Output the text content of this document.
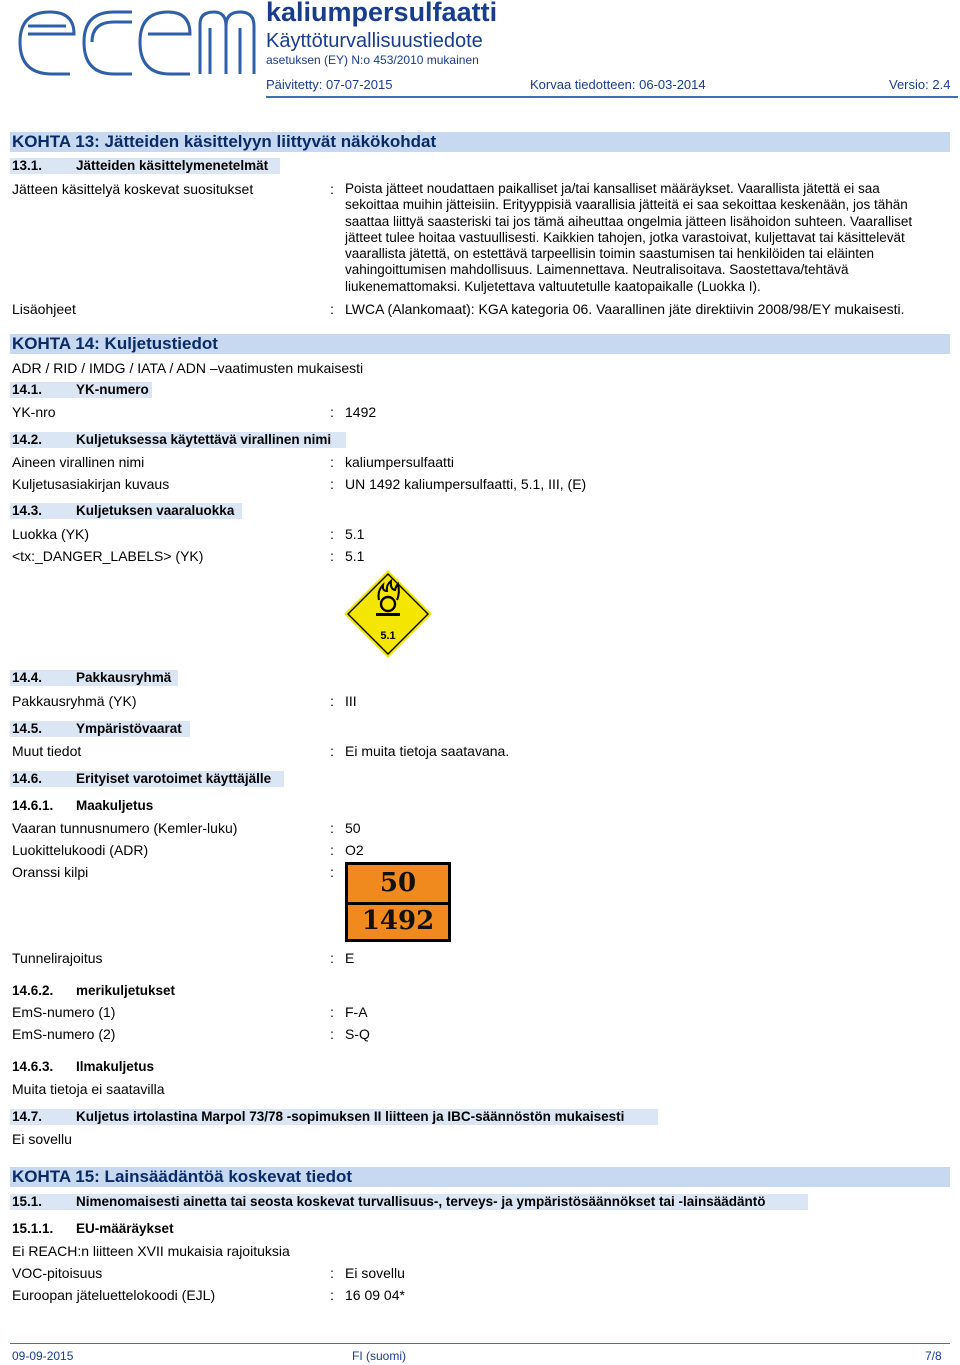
kaliumpersulfaatti
Käyttöturvallisuustiedote
asetuksen (EY) N:o 453/2010 mukainen
Päivitetty: 07-07-2015	Korvaa tiedotteen: 06-03-2014	Versio: 2.4
KOHTA 13: Jätteiden käsittelyyn liittyvät näkökohdat
13.1.	Jätteiden käsittelymenetelmät
Jätteen käsittelyä koskevat suositukset	: Poista jätteet noudattaen paikalliset ja/tai kansalliset määräykset. Vaarallista jätettä ei saa sekoittaa muihin jätteisiin. Erityyppisiä vaarallisia jätteitä ei saa sekoittaa keskenään, jos tähän saattaa liittyä saasteriski tai jos tämä aiheuttaa ongelmia jätteen lisähoidon suhteen. Vaaralliset jätteet tulee hoitaa vastuullisesti. Kaikkien tahojen, jotka varastoivat, kuljettavat tai käsittelevät vaarallista jätettä, on estettävä tarpeellisin toimin saastumisen tai henkilöiden tai eläinten vahingoittumisen mahdollisuus. Laimennettava. Neutralisoitava. Saostettava/tehtävä liukenemattomaksi. Kuljetettava valtuutetulle kaatopaikalle (Luokka I).
Lisäohjeet	: LWCA (Alankomaat): KGA kategoria 06. Vaarallinen jäte direktiivin 2008/98/EY mukaisesti.
KOHTA 14: Kuljetustiedot
ADR / RID / IMDG / IATA / ADN –vaatimusten mukaisesti
14.1.	YK-numero
YK-nro	: 1492
14.2.	Kuljetuksessa käytettävä virallinen nimi
Aineen virallinen nimi	: kaliumpersulfaatti
Kuljetusasiakirjan kuvaus	: UN 1492 kaliumpersulfaatti, 5.1, III, (E)
14.3.	Kuljetuksen vaaraluokka
Luokka (YK)	: 5.1
<tx:_DANGER_LABELS> (YK)	: 5.1
5.1
14.4.	Pakkausryhmä
Pakkausryhmä (YK)	: III
14.5.	Ympäristövaarat
Muut tiedot	: Ei muita tietoja saatavana.
14.6.	Erityiset varotoimet käyttäjälle
14.6.1. Maakuljetus
Vaaran tunnusnumero (Kemler-luku)	: 50
Luokittelukoodi (ADR)	: O2
Oranssi kilpi	:	50
1492
Tunnelirajoitus	: E
14.6.2. merikuljetukset
EmS-numero (1)	: F-A
EmS-numero (2)	: S-Q
14.6.3. Ilmakuljetus
Muita tietoja ei saatavilla
14.7.	Kuljetus irtolastina Marpol 73/78 -sopimuksen II liitteen ja IBC-säännöstön mukaisesti
Ei sovellu
KOHTA 15: Lainsäädäntöä koskevat tiedot
15.1.	Nimenomaisesti ainetta tai seosta koskevat turvallisuus-, terveys- ja ympäristösäännökset tai -lainsäädäntö
15.1.1. EU-määräykset
Ei REACH:n liitteen XVII mukaisia rajoituksia
VOC-pitoisuus	: Ei sovellu
Euroopan jäteluettelokoodi (EJL)	: 16 09 04*
09-09-2015	FI (suomi)	7/8
